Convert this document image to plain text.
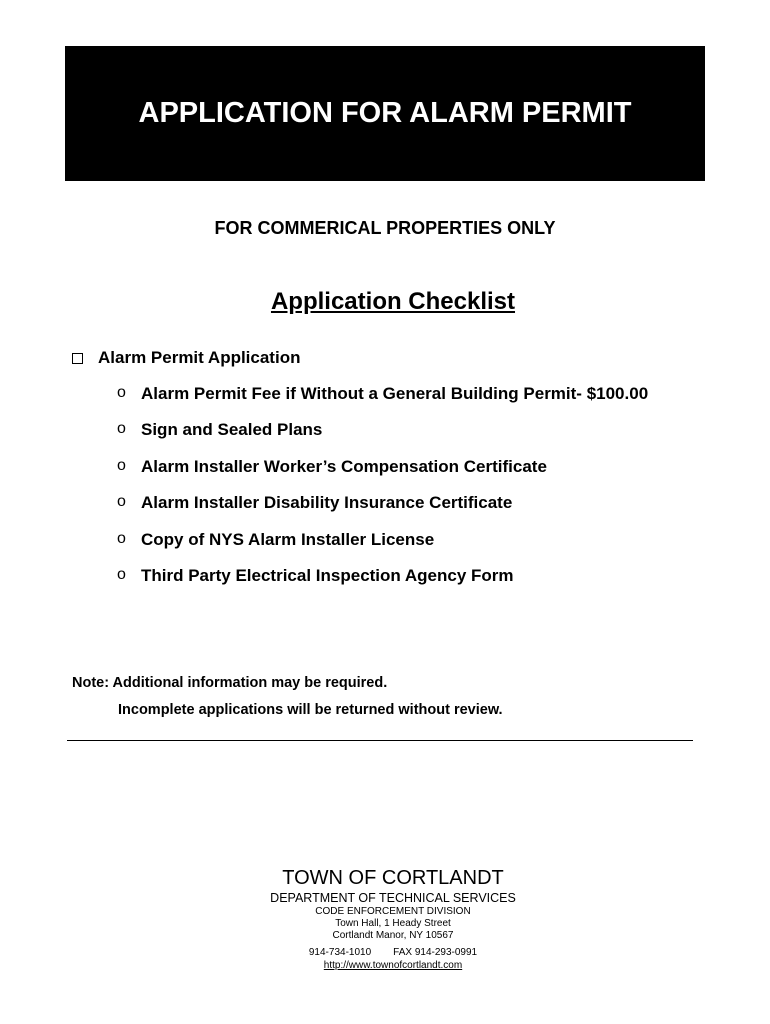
APPLICATION FOR ALARM PERMIT
FOR COMMERICAL PROPERTIES ONLY
Application Checklist
Alarm Permit Application
o Alarm Permit Fee if Without a General Building Permit- $100.00
o Sign and Sealed Plans
o Alarm Installer Worker’s Compensation Certificate
o Alarm Installer Disability Insurance Certificate
o Copy of NYS Alarm Installer License
o Third Party Electrical Inspection Agency Form
Note: Additional information may be required.
Incomplete applications will be returned without review.
TOWN OF CORTLANDT
DEPARTMENT OF TECHNICAL SERVICES
CODE ENFORCEMENT DIVISION
Town Hall, 1 Heady Street
Cortlandt Manor, NY 10567
914-734-1010 FAX 914-293-0991
http://www.townofcortlandt.com
